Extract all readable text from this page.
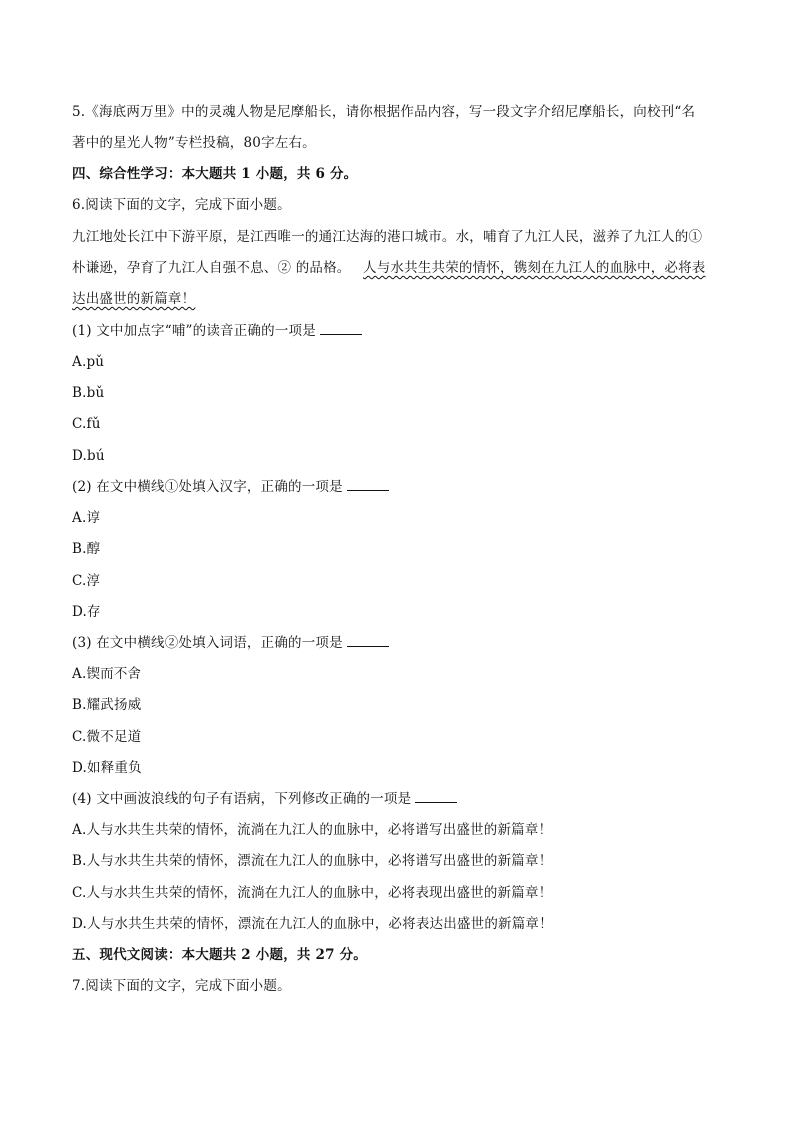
5.《海底两万里》中的灵魂人物是尼摩船长，请你根据作品内容，写一段文字介绍尼摩船长，向校刊“名
著中的星光人物”专栏投稿，80字左右。
四、综合性学习：本大题共 1 小题，共 6 分。
6.阅读下面的文字，完成下面小题。
九江地处长江中下游平原，是江西唯一的通江达海的港口城市。水，哺育了九江人民，滋养了九江人的①
朴谦逊，孕育了九江人自强不息、② 的品格。 人与水共生共荣的情怀，镌刻在九江人的血脉中，必将表
达出盛世的新篇章！
(1) 文中加点字“哺”的读音正确的一项是
A.pǔ
B.bǔ
C.fǔ
D.bú
(2) 在文中横线①处填入汉字，正确的一项是
A.谆
B.醇
C.淳
D.存
(3) 在文中横线②处填入词语，正确的一项是
A.锲而不舍
B.耀武扬威
C.微不足道
D.如释重负
(4) 文中画波浪线的句子有语病，下列修改正确的一项是
A.人与水共生共荣的情怀，流淌在九江人的血脉中，必将谱写出盛世的新篇章！
B.人与水共生共荣的情怀，漂流在九江人的血脉中，必将谱写出盛世的新篇章！
C.人与水共生共荣的情怀，流淌在九江人的血脉中，必将表现出盛世的新篇章！
D.人与水共生共荣的情怀，漂流在九江人的血脉中，必将表达出盛世的新篇章！
五、现代文阅读：本大题共 2 小题，共 27 分。
7.阅读下面的文字，完成下面小题。
